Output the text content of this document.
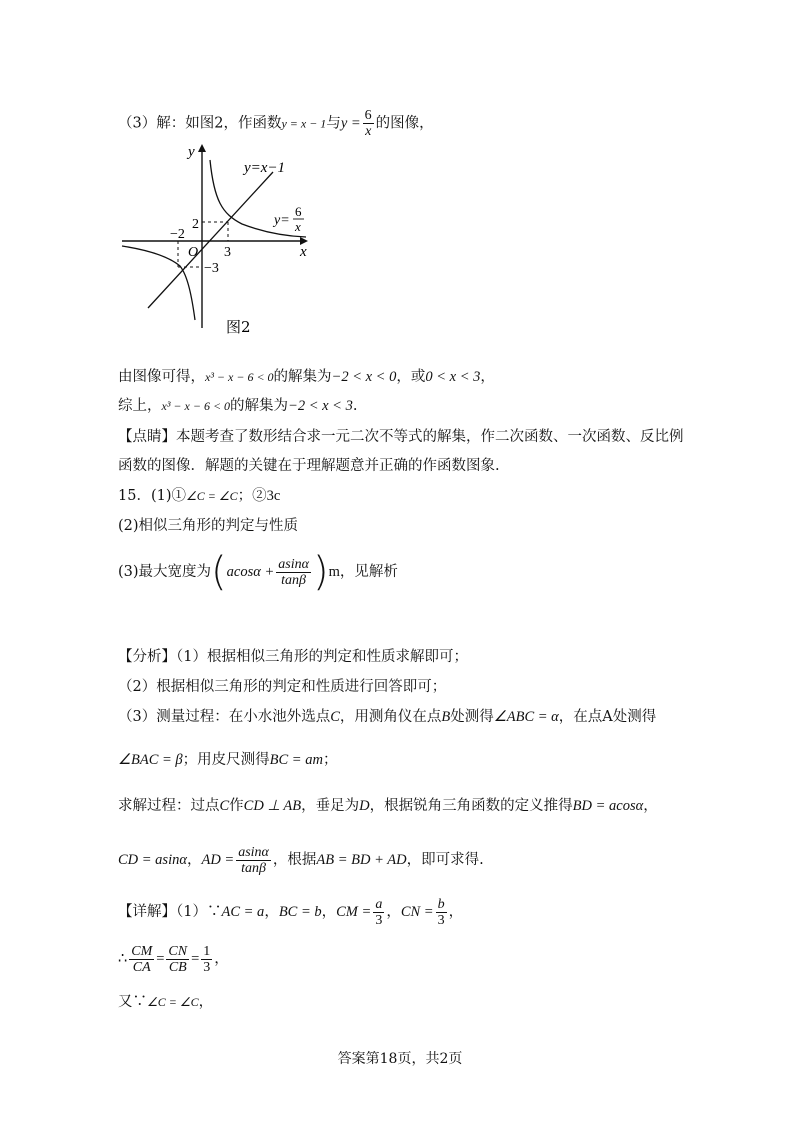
（3）解：如图2，作函数y = x − 1与$y = \frac{6}{x}$ 的图像，
y
x
O
y=x−1
y=
6
x
−2
2
3
−3
图2
由图像可得，x³ − x − 6 < 0的解集为−2 < x < 0，或0 < x < 3，
综上，x³ − x − 6 < 0的解集为−2 < x < 3.
【点睛】本题考查了数形结合求一元二次不等式的解集，作二次函数、一次函数、反比例
函数的图像．解题的关键在于理解题意并正确的作函数图象.
15．(1)①∠C = ∠C；②3c
(2)相似三角形的判定与性质
(3)最大宽度为$(acos\alpha + \frac{asin\alpha}{\tan\beta} )m$，见解析
【分析】（1）根据相似三角形的判定和性质求解即可；
（2）根据相似三角形的判定和性质进行回答即可；
（3）测量过程：在小水池外选点C，用测角仪在点B处测得∠ABC = α，在点A处测得
∠BAC = β；用皮尺测得BC = am；
求解过程：过点C作CD ⊥ AB，垂足为D，根据锐角三角函数的定义推得BD = acosα，
CD = asinα，AD = $\frac{asin\alpha}{\tan\beta}$ ，根据AB = BD + AD，即可求得.
【详解】（1）∵AC = a，BC = b，CM = $\frac{a}{3}$ ，CN = $\frac{b}{3}$ ，
∴ $\frac{CM}{CA} = \frac{CN}{CB} = \frac{1}{3}$ ，
又∵∠C = ∠C，
答案第18页，共2页
